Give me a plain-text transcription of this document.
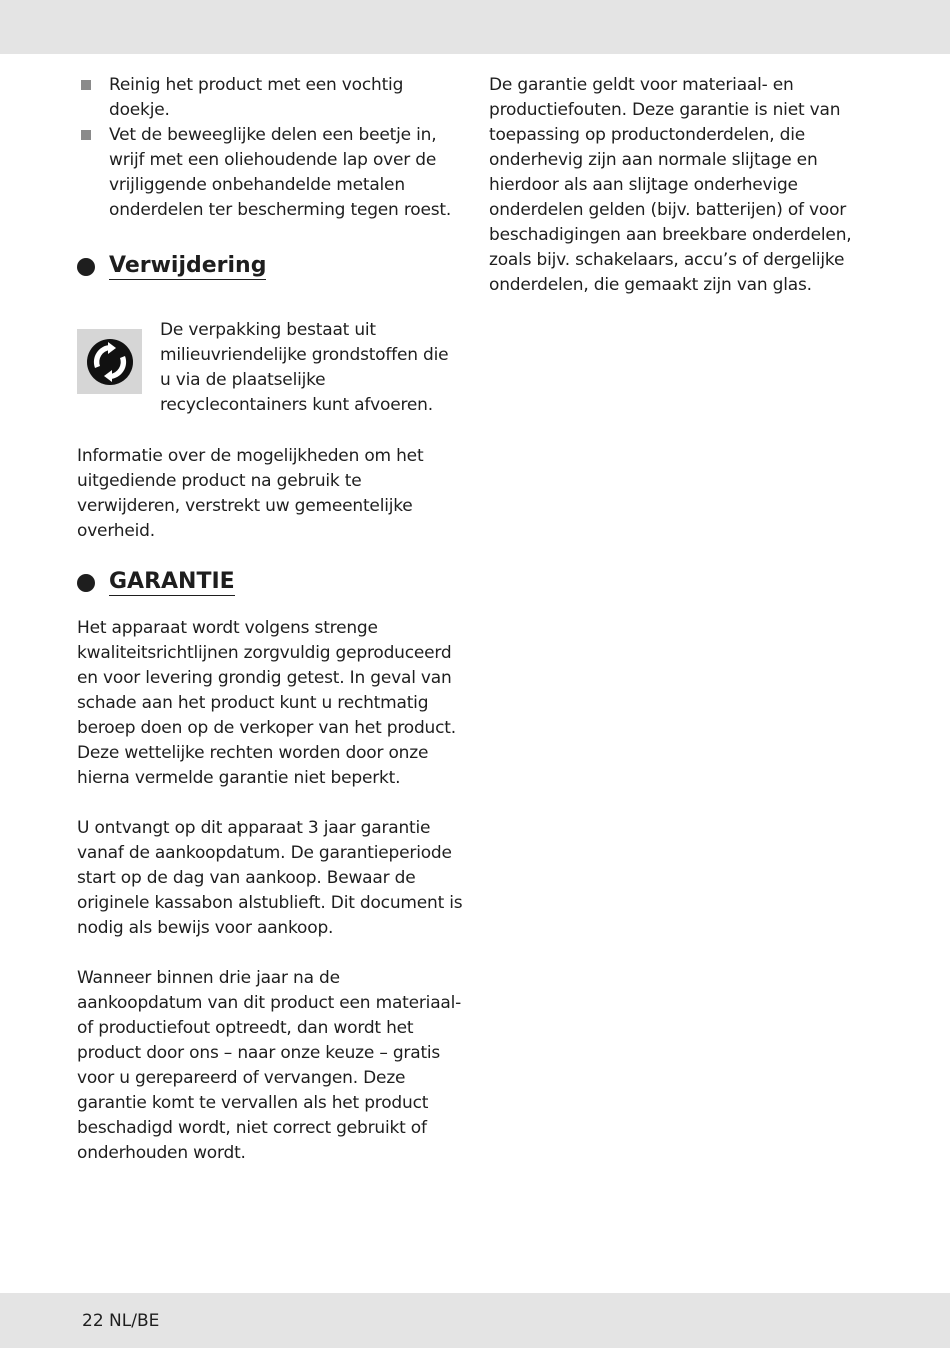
Reinig het product met een vochtig doekje.
Vet de beweeglijke delen een beetje in, wrijf met een oliehoudende lap over de vrijliggende onbehandelde metalen onderdelen ter bescherming tegen roest.
Verwijdering

De verpakking bestaat uit milieuvriendelijke grondstoffen die u via de plaatselijke recyclecontainers kunt afvoeren.

Informatie over de mogelijkheden om het uitgediende product na gebruik te verwijderen, verstrekt uw gemeentelijke overheid.

GARANTIE

Het apparaat wordt volgens strenge kwaliteitsrichtlijnen zorgvuldig geproduceerd en voor levering grondig getest. In geval van schade aan het product kunt u rechtmatig beroep doen op de verkoper van het product. Deze wettelijke rechten worden door onze hierna vermelde garantie niet beperkt.

U ontvangt op dit apparaat 3 jaar garantie vanaf de aankoopdatum. De garantieperiode start op de dag van aankoop. Bewaar de originele kassabon alstublieft. Dit document is nodig als bewijs voor aankoop.

Wanneer binnen drie jaar na de aankoopdatum van dit product een materiaal- of productiefout optreedt, dan wordt het product door ons – naar onze keuze – gratis voor u gerepareerd of vervangen. Deze garantie komt te vervallen als het product beschadigd wordt, niet correct gebruikt of onderhouden wordt.

De garantie geldt voor materiaal- en productiefouten. Deze garantie is niet van toepassing op productonderdelen, die onderhevig zijn aan normale slijtage en hierdoor als aan slijtage onderhevige onderdelen gelden (bijv. batterijen) of voor beschadigingen aan breekbare onderdelen, zoals bijv. schakelaars, accu’s of dergelijke onderdelen, die gemaakt zijn van glas.

22 NL/BE
